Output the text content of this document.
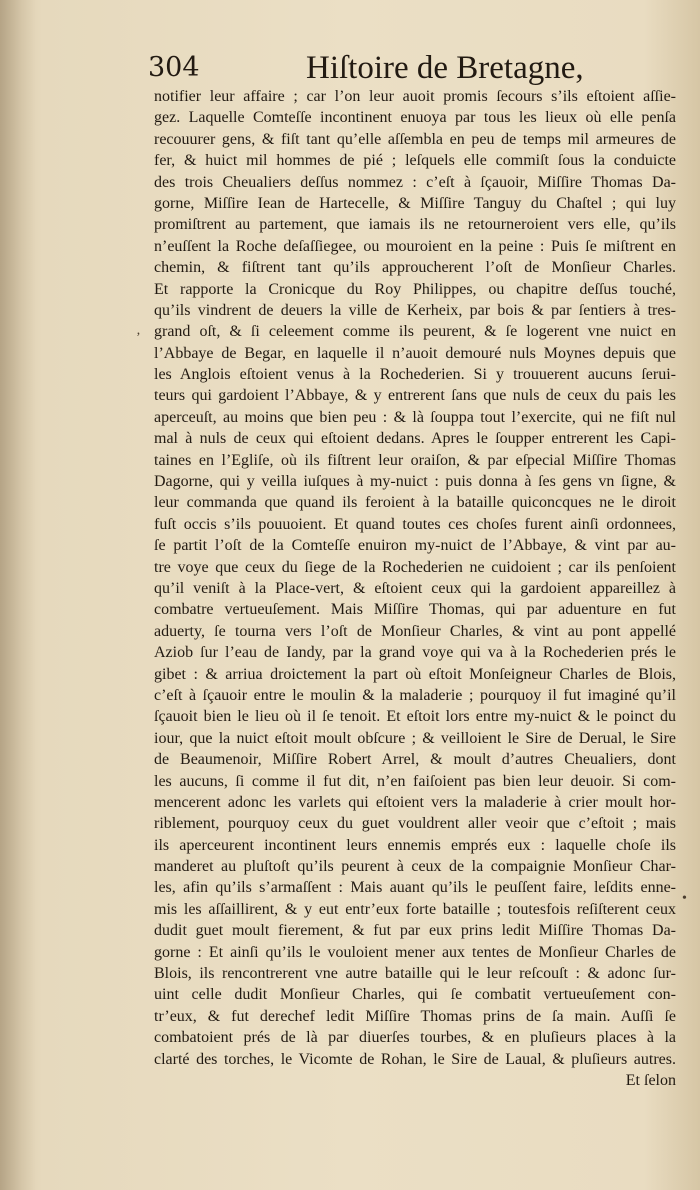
304	Hiſtoire de Bretagne,
notifier leur affaire ; car l’on leur auoit promis ſecours s’ils eſtoient aſſie-
gez. Laquelle Comteſſe incontinent enuoya par tous les lieux où elle penſa
recouurer gens, & fiſt tant qu’elle aſſembla en peu de temps mil armeures de
fer, & huict mil hommes de pié ; leſquels elle commiſt ſous la conduicte
des trois Cheualiers deſſus nommez : c’eſt à ſçauoir, Miſſire Thomas Da-
gorne, Miſſire Iean de Hartecelle, & Miſſire Tanguy du Chaſtel ; qui luy
promiſtrent au partement, que iamais ils ne retourneroient vers elle, qu’ils
n’euſſent la Roche deſaſſiegee, ou mouroient en la peine : Puis ſe miſtrent en
chemin, & fiſtrent tant qu’ils approucherent l’oſt de Monſieur Charles.
Et rapporte la Cronicque du Roy Philippes, ou chapitre deſſus touché,
qu’ils vindrent de deuers la ville de Kerheix, par bois & par ſentiers à tres-
grand oſt, & ſi celeement comme ils peurent, & ſe logerent vne nuict en
l’Abbaye de Begar, en laquelle il n’auoit demouré nuls Moynes depuis que
les Anglois eſtoient venus à la Rochederien. Si y trouuerent aucuns ſerui-
teurs qui gardoient l’Abbaye, & y entrerent ſans que nuls de ceux du pais les
aperceuſt, au moins que bien peu : & là ſouppa tout l’exercite, qui ne fiſt nul
mal à nuls de ceux qui eſtoient dedans. Apres le ſoupper entrerent les Capi-
taines en l’Egliſe, où ils fiſtrent leur oraiſon, & par eſpecial Miſſire Thomas
Dagorne, qui y veilla iuſques à my-nuict : puis donna à ſes gens vn ſigne, &
leur commanda que quand ils feroient à la bataille quiconcques ne le diroit
fuſt occis s’ils pouuoient. Et quand toutes ces choſes furent ainſi ordonnees,
ſe partit l’oſt de la Comteſſe enuiron my-nuict de l’Abbaye, & vint par au-
tre voye que ceux du ſiege de la Rochederien ne cuidoient ; car ils penſoient
qu’il veniſt à la Place-vert, & eſtoient ceux qui la gardoient appareillez à
combatre vertueuſement. Mais Miſſire Thomas, qui par aduenture en fut
aduerty, ſe tourna vers l’oſt de Monſieur Charles, & vint au pont appellé
Aziob ſur l’eau de Iandy, par la grand voye qui va à la Rochederien prés le
gibet : & arriua droictement la part où eſtoit Monſeigneur Charles de Blois,
c’eſt à ſçauoir entre le moulin & la maladerie ; pourquoy il fut imaginé qu’il
ſçauoit bien le lieu où il ſe tenoit. Et eſtoit lors entre my-nuict & le poinct du
iour, que la nuict eſtoit moult obſcure ; & veilloient le Sire de Derual, le Sire
de Beaumenoir, Miſſire Robert Arrel, & moult d’autres Cheualiers, dont
les aucuns, ſi comme il fut dit, n’en faiſoient pas bien leur deuoir. Si com-
mencerent adonc les varlets qui eſtoient vers la maladerie à crier moult hor-
riblement, pourquoy ceux du guet vouldrent aller veoir que c’eſtoit ; mais
ils aperceurent incontinent leurs ennemis emprés eux : laquelle choſe ils
manderet au pluſtoſt qu’ils peurent à ceux de la compaignie Monſieur Char-
les, afin qu’ils s’armaſſent : Mais auant qu’ils le peuſſent faire, leſdits enne-
mis les aſſaillirent, & y eut entr’eux forte bataille ; toutesfois reſiſterent ceux
dudit guet moult fierement, & fut par eux prins ledit Miſſire Thomas Da-
gorne : Et ainſi qu’ils le vouloient mener aux tentes de Monſieur Charles de
Blois, ils rencontrerent vne autre bataille qui le leur reſcouſt : & adonc ſur-
uint celle dudit Monſieur Charles, qui ſe combatit vertueuſement con-
tr’eux, & fut derechef ledit Miſſire Thomas prins de ſa main. Auſſi ſe
combatoient prés de là par diuerſes tourbes, & en pluſieurs places à la
clarté des torches, le Vicomte de Rohan, le Sire de Laual, & pluſieurs autres.
Et ſelon
‚
•
